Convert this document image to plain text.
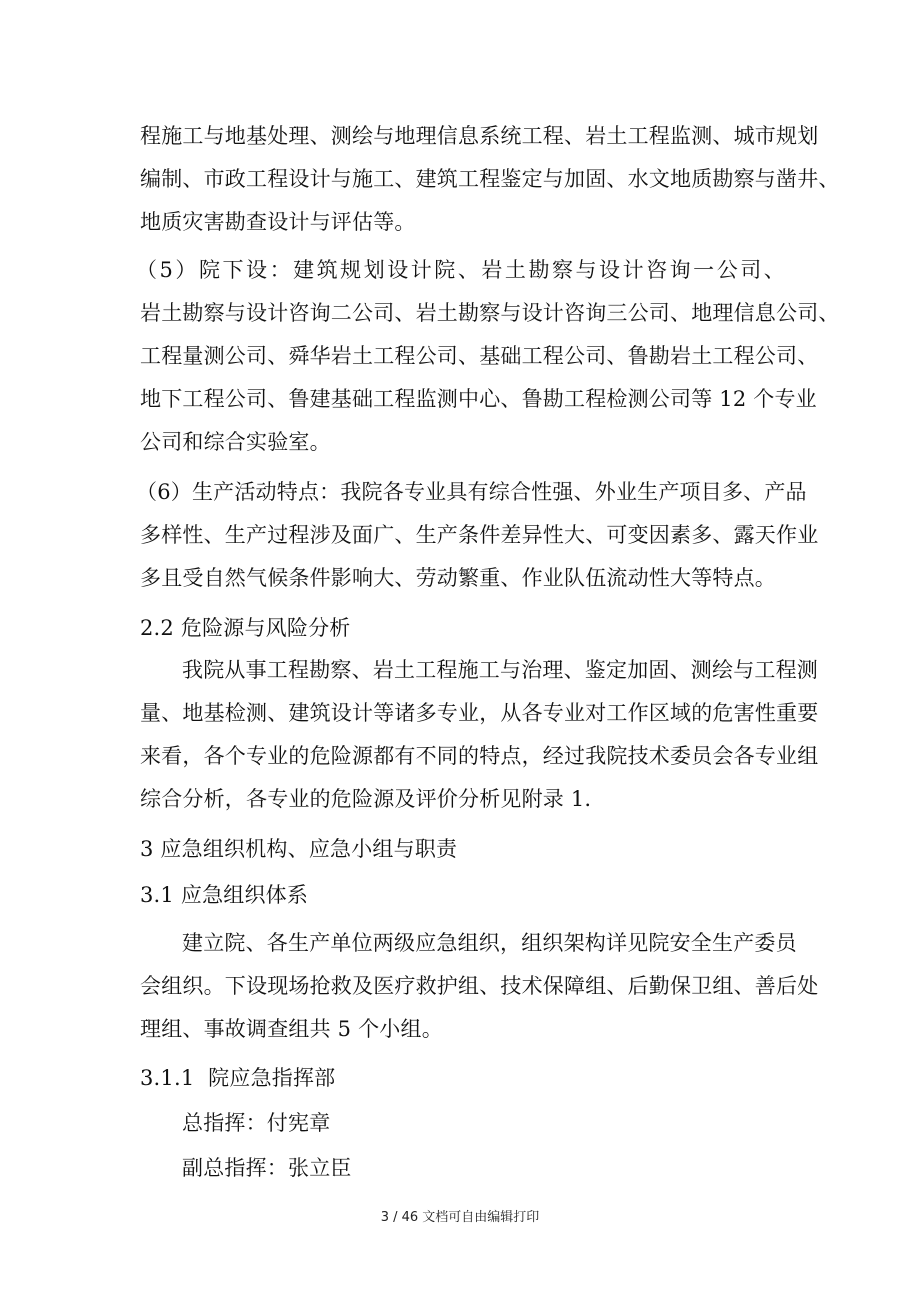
程施工与地基处理、测绘与地理信息系统工程、岩土工程监测、城市规划
编制、市政工程设计与施工、建筑工程鉴定与加固、水文地质勘察与凿井、
地质灾害勘查设计与评估等。
（5）院下设：建筑规划设计院、岩土勘察与设计咨询一公司、
岩土勘察与设计咨询二公司、岩土勘察与设计咨询三公司、地理信息公司、
工程量测公司、舜华岩土工程公司、基础工程公司、鲁勘岩土工程公司、
地下工程公司、鲁建基础工程监测中心、鲁勘工程检测公司等 12 个专业
公司和综合实验室。
（6）生产活动特点：我院各专业具有综合性强、外业生产项目多、产品
多样性、生产过程涉及面广、生产条件差异性大、可变因素多、露天作业
多且受自然气候条件影响大、劳动繁重、作业队伍流动性大等特点。
2.2 危险源与风险分析
我院从事工程勘察、岩土工程施工与治理、鉴定加固、测绘与工程测
量、地基检测、建筑设计等诸多专业，从各专业对工作区域的危害性重要
来看，各个专业的危险源都有不同的特点，经过我院技术委员会各专业组
综合分析，各专业的危险源及评价分析见附录 1.
3 应急组织机构、应急小组与职责
3.1 应急组织体系
建立院、各生产单位两级应急组织，组织架构详见院安全生产委员
会组织。下设现场抢救及医疗救护组、技术保障组、后勤保卫组、善后处
理组、事故调查组共 5 个小组。
3.1.1  院应急指挥部
总指挥：付宪章
副总指挥：张立臣
3 / 46 文档可自由编辑打印
